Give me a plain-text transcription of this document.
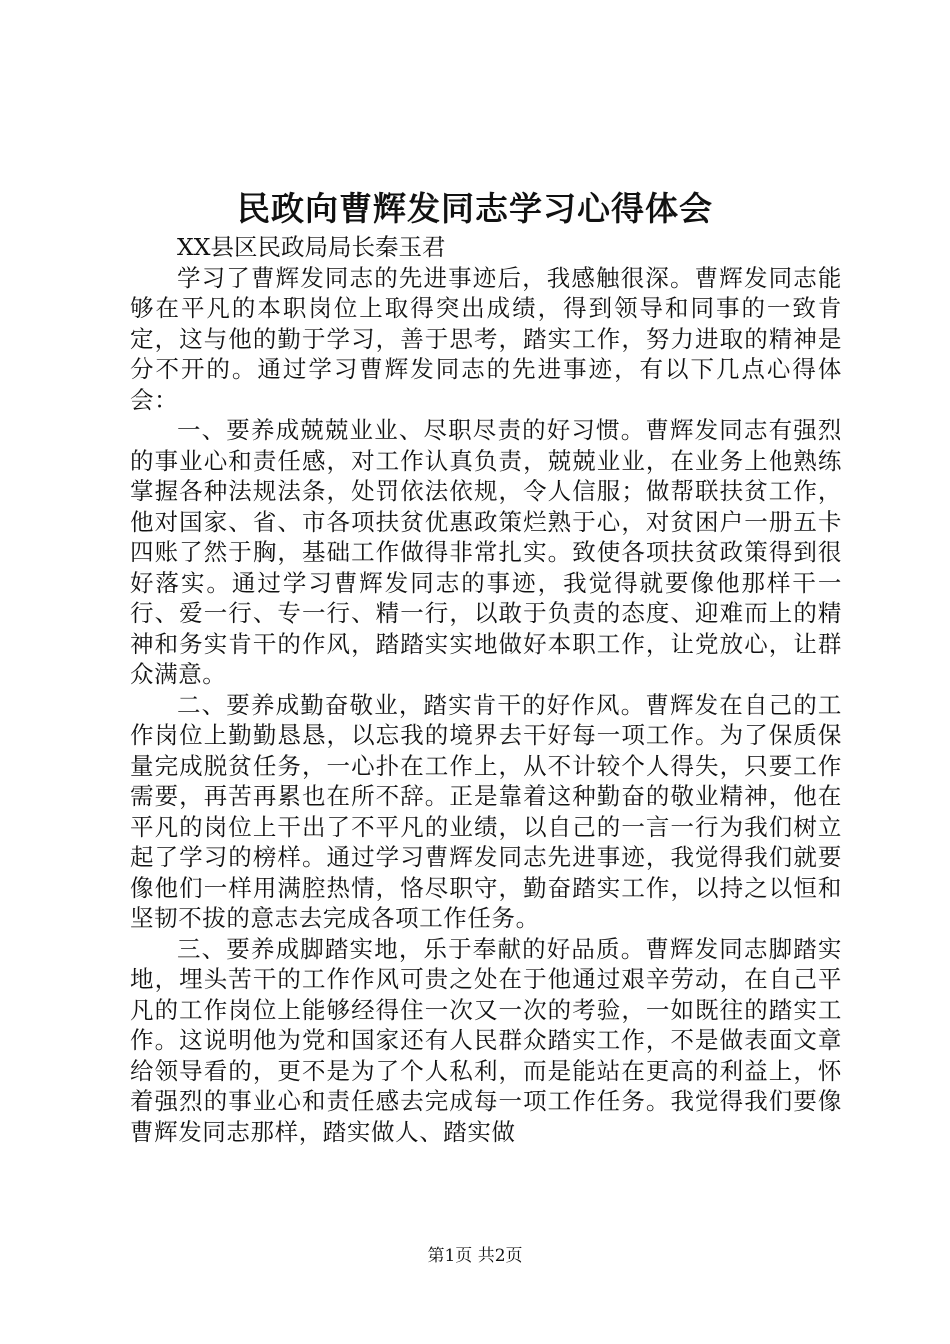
民政向曹辉发同志学习心得体会

XX县区民政局局长秦玉君

学习了曹辉发同志的先进事迹后，我感触很深。曹辉发同志能够在平凡的本职岗位上取得突出成绩，得到领导和同事的一致肯定，这与他的勤于学习，善于思考，踏实工作，努力进取的精神是分不开的。通过学习曹辉发同志的先进事迹，有以下几点心得体会：

一、要养成兢兢业业、尽职尽责的好习惯。曹辉发同志有强烈的事业心和责任感，对工作认真负责，兢兢业业，在业务上他熟练掌握各种法规法条，处罚依法依规，令人信服；做帮联扶贫工作，他对国家、省、市各项扶贫优惠政策烂熟于心，对贫困户一册五卡四账了然于胸，基础工作做得非常扎实。致使各项扶贫政策得到很好落实。通过学习曹辉发同志的事迹，我觉得就要像他那样干一行、爱一行、专一行、精一行，以敢于负责的态度、迎难而上的精神和务实肯干的作风，踏踏实实地做好本职工作，让党放心，让群众满意。

二、要养成勤奋敬业，踏实肯干的好作风。曹辉发在自己的工作岗位上勤勤恳恳，以忘我的境界去干好每一项工作。为了保质保量完成脱贫任务，一心扑在工作上，从不计较个人得失，只要工作需要，再苦再累也在所不辞。正是靠着这种勤奋的敬业精神，他在平凡的岗位上干出了不平凡的业绩，以自己的一言一行为我们树立起了学习的榜样。通过学习曹辉发同志先进事迹，我觉得我们就要像他们一样用满腔热情，恪尽职守，勤奋踏实工作，以持之以恒和坚韧不拔的意志去完成各项工作任务。

三、要养成脚踏实地，乐于奉献的好品质。曹辉发同志脚踏实地，埋头苦干的工作作风可贵之处在于他通过艰辛劳动，在自己平凡的工作岗位上能够经得住一次又一次的考验，一如既往的踏实工作。这说明他为党和国家还有人民群众踏实工作，不是做表面文章给领导看的，更不是为了个人私利，而是能站在更高的利益上，怀着强烈的事业心和责任感去完成每一项工作任务。我觉得我们要像曹辉发同志那样，踏实做人、踏实做

第1页 共2页
